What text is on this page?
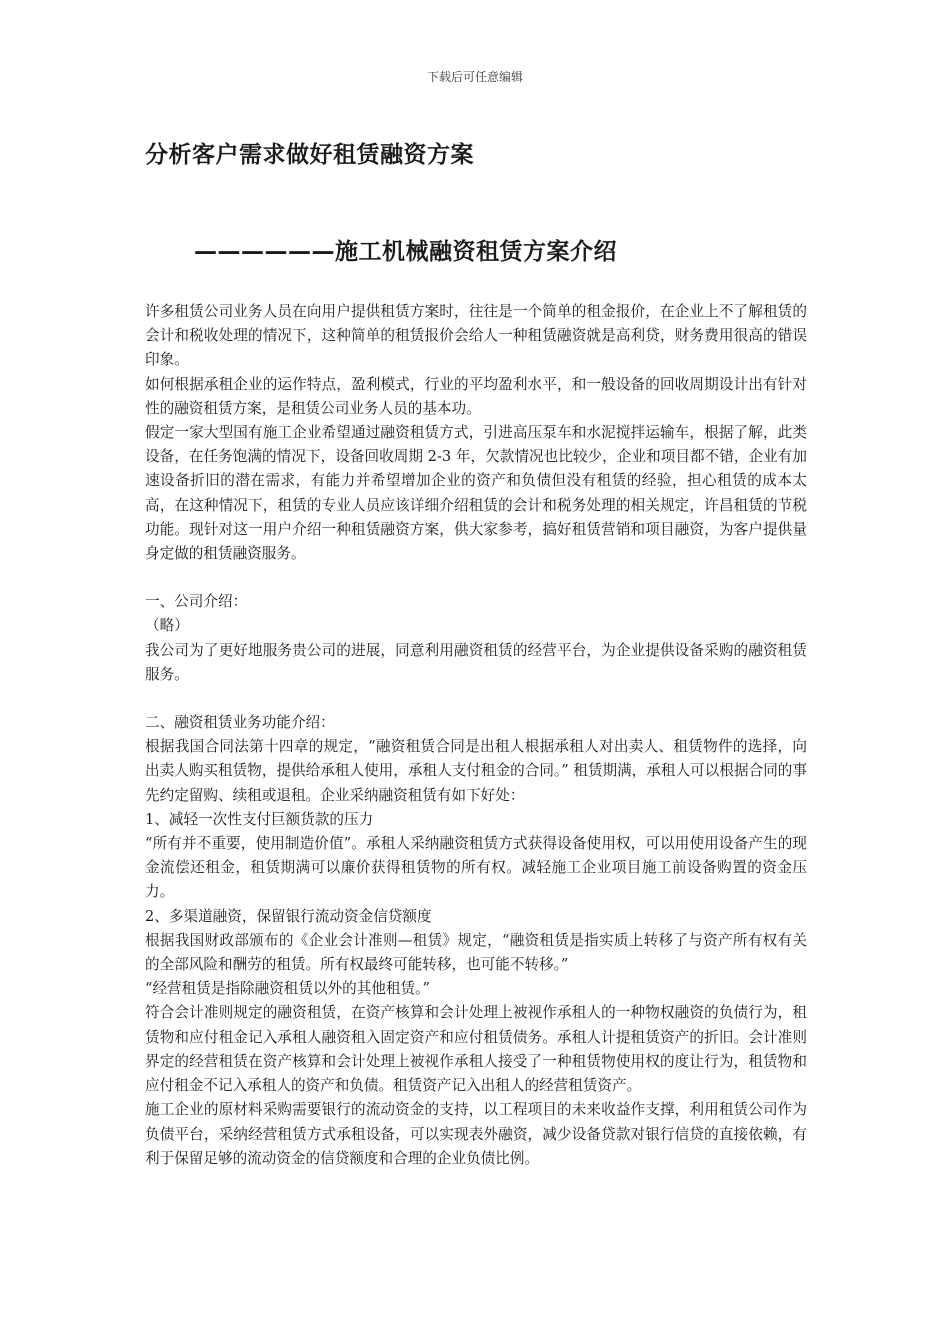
下载后可任意编辑
分析客户需求做好租赁融资方案
——————施工机械融资租赁方案介绍

许多租赁公司业务人员在向用户提供租赁方案时，往往是一个简单的租金报价，在企业上不了解租赁的会计和税收处理的情况下，这种简单的租赁报价会给人一种租赁融资就是高利贷，财务费用很高的错误印象。

如何根据承租企业的运作特点，盈利模式，行业的平均盈利水平，和一般设备的回收周期设计出有针对性的融资租赁方案，是租赁公司业务人员的基本功。

假定一家大型国有施工企业希望通过融资租赁方式，引进高压泵车和水泥搅拌运输车，根据了解，此类设备，在任务饱满的情况下，设备回收周期 2-3 年，欠款情况也比较少，企业和项目都不错，企业有加速设备折旧的潜在需求，有能力并希望增加企业的资产和负债但没有租赁的经验，担心租赁的成本太高，在这种情况下，租赁的专业人员应该详细介绍租赁的会计和税务处理的相关规定，许昌租赁的节税功能。现针对这一用户介绍一种租赁融资方案，供大家参考，搞好租赁营销和项目融资，为客户提供量身定做的租赁融资服务。

一、公司介绍：

（略）

我公司为了更好地服务贵公司的进展，同意利用融资租赁的经营平台，为企业提供设备采购的融资租赁服务。

二、融资租赁业务功能介绍：

根据我国合同法第十四章的规定，“融资租赁合同是出租人根据承租人对出卖人、租赁物件的选择，向出卖人购买租赁物，提供给承租人使用，承租人支付租金的合同。” 租赁期满，承租人可以根据合同的事先约定留购、续租或退租。企业采纳融资租赁有如下好处：

1、减轻一次性支付巨额货款的压力

“所有并不重要，使用制造价值”。承租人采纳融资租赁方式获得设备使用权，可以用使用设备产生的现金流偿还租金，租赁期满可以廉价获得租赁物的所有权。减轻施工企业项目施工前设备购置的资金压力。

2、多渠道融资，保留银行流动资金信贷额度

根据我国财政部颁布的《企业会计准则—租赁》规定，“融资租赁是指实质上转移了与资产所有权有关的全部风险和酬劳的租赁。所有权最终可能转移，也可能不转移。”

“经营租赁是指除融资租赁以外的其他租赁。”

符合会计准则规定的融资租赁，在资产核算和会计处理上被视作承租人的一种物权融资的负债行为，租赁物和应付租金记入承租人融资租入固定资产和应付租赁债务。承租人计提租赁资产的折旧。会计准则界定的经营租赁在资产核算和会计处理上被视作承租人接受了一种租赁物使用权的度让行为，租赁物和应付租金不记入承租人的资产和负债。租赁资产记入出租人的经营租赁资产。

施工企业的原材料采购需要银行的流动资金的支持，以工程项目的未来收益作支撑，利用租赁公司作为负债平台，采纳经营租赁方式承租设备，可以实现表外融资，减少设备贷款对银行信贷的直接依赖，有利于保留足够的流动资金的信贷额度和合理的企业负债比例。
